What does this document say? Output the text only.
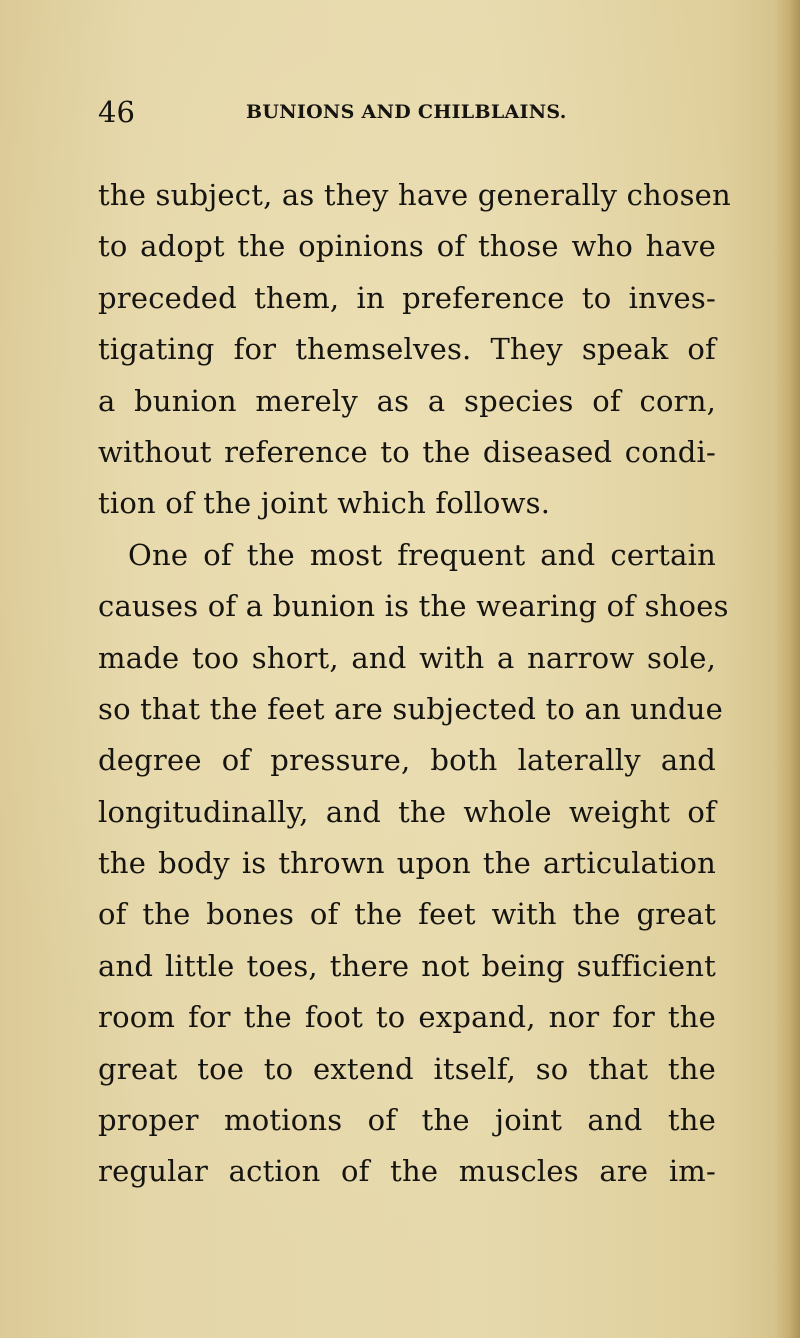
46	BUNIONS AND CHILBLAINS.
the subject, as they have generally chosen
to adopt the opinions of those who have
preceded them, in preference to inves-
tigating for themselves. They speak of
a bunion merely as a species of corn,
without reference to the diseased condi-
tion of the joint which follows.
One of the most frequent and certain
causes of a bunion is the wearing of shoes
made too short, and with a narrow sole,
so that the feet are subjected to an undue
degree of pressure, both laterally and
longitudinally, and the whole weight of
the body is thrown upon the articulation
of the bones of the feet with the great
and little toes, there not being sufficient
room for the foot to expand, nor for the
great toe to extend itself, so that the
proper motions of the joint and the
regular action of the muscles are im-
